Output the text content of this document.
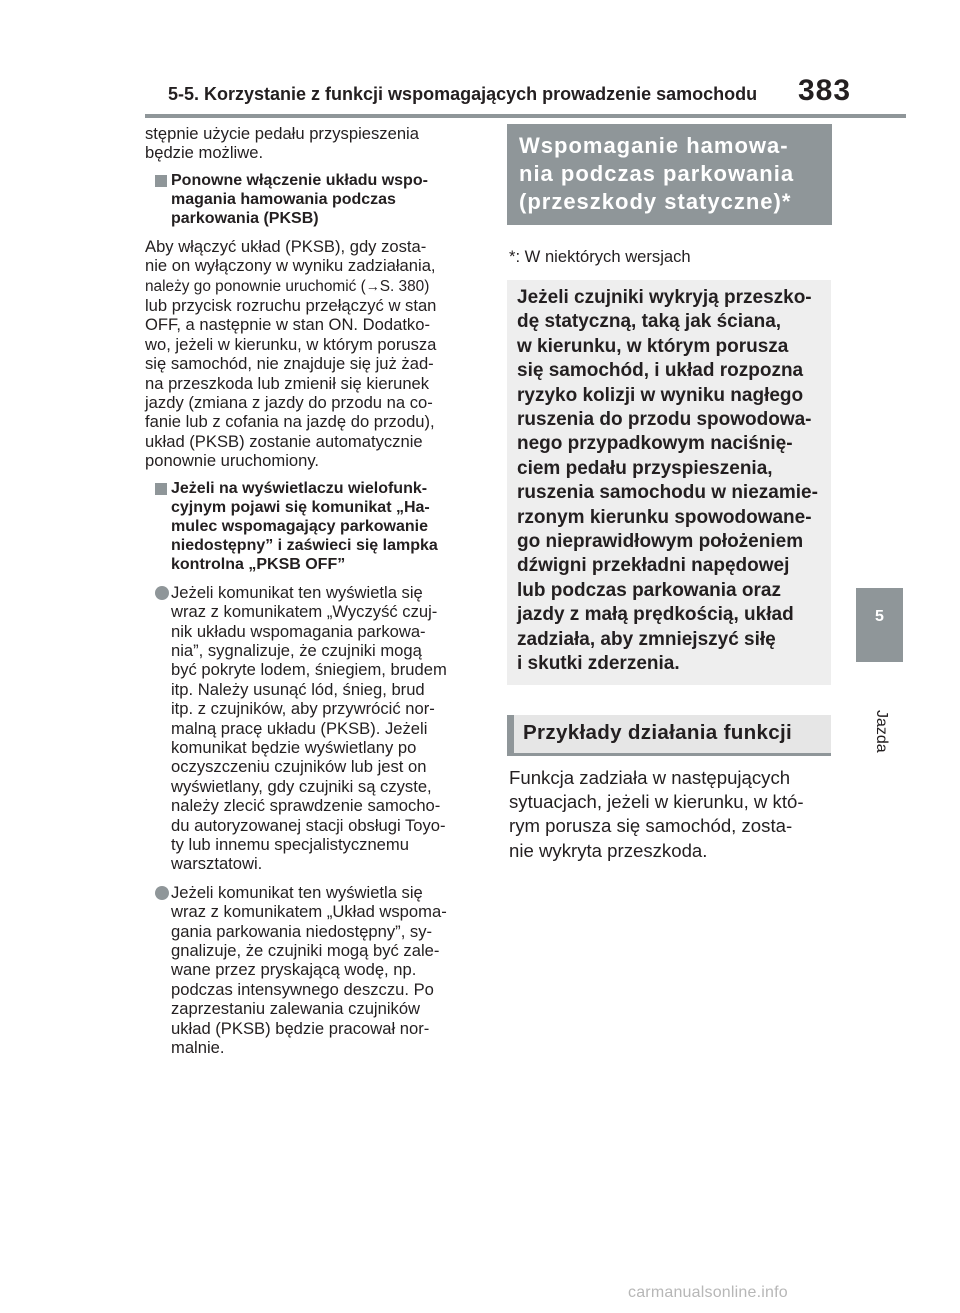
5-5. Korzystanie z funkcji wspomagających prowadzenie samochodu 383
5
Jazda

stępnie użycie pedału przyspieszenia
będzie możliwe.

Ponowne włączenie układu wspo-
magania hamowania podczas
parkowania (PKSB)

Aby włączyć układ (PKSB), gdy zosta-
nie on wyłączony w wyniku zadziałania,
należy go ponownie uruchomić (→S. 380)
lub przycisk rozruchu przełączyć w stan
OFF, a następnie w stan ON. Dodatko-
wo, jeżeli w kierunku, w którym porusza
się samochód, nie znajduje się już żad-
na przeszkoda lub zmienił się kierunek
jazdy (zmiana z jazdy do przodu na co-
fanie lub z cofania na jazdę do przodu),
układ (PKSB) zostanie automatycznie
ponownie uruchomiony.

Jeżeli na wyświetlaczu wielofunk-
cyjnym pojawi się komunikat „Ha-
mulec wspomagający parkowanie
niedostępny” i zaświeci się lampka
kontrolna „PKSB OFF”
Jeżeli komunikat ten wyświetla się
wraz z komunikatem „Wyczyść czuj-
nik układu wspomagania parkowa-
nia”, sygnalizuje, że czujniki mogą
być pokryte lodem, śniegiem, brudem
itp. Należy usunąć lód, śnieg, brud
itp. z czujników, aby przywrócić nor-
malną pracę układu (PKSB). Jeżeli
komunikat będzie wyświetlany po
oczyszczeniu czujników lub jest on
wyświetlany, gdy czujniki są czyste,
należy zlecić sprawdzenie samocho-
du autoryzowanej stacji obsługi Toyo-
ty lub innemu specjalistycznemu
warsztatowi.
Jeżeli komunikat ten wyświetla się
wraz z komunikatem „Układ wspoma-
gania parkowania niedostępny”, sy-
gnalizuje, że czujniki mogą być zale-
wane przez pryskającą wodę, np.
podczas intensywnego deszczu. Po
zaprzestaniu zalewania czujników
układ (PKSB) będzie pracował nor-
malnie.
Wspomaganie hamowa-
nia podczas parkowania
(przeszkody statyczne)*

*: W niektórych wersjach

Jeżeli czujniki wykryją przeszko-
dę statyczną, taką jak ściana,
w kierunku, w którym porusza
się samochód, i układ rozpozna
ryzyko kolizji w wyniku nagłego
ruszenia do przodu spowodowa-
nego przypadkowym naciśnię-
ciem pedału przyspieszenia,
ruszenia samochodu w niezamie-
rzonym kierunku spowodowane-
go nieprawidłowym położeniem
dźwigni przekładni napędowej
lub podczas parkowania oraz
jazdy z małą prędkością, układ
zadziała, aby zmniejszyć siłę
i skutki zderzenia.
Przykłady działania funkcji

Funkcja zadziała w następujących
sytuacjach, jeżeli w kierunku, w któ-
rym porusza się samochód, zosta-
nie wykryta przeszkoda.

carmanualsonline.info
